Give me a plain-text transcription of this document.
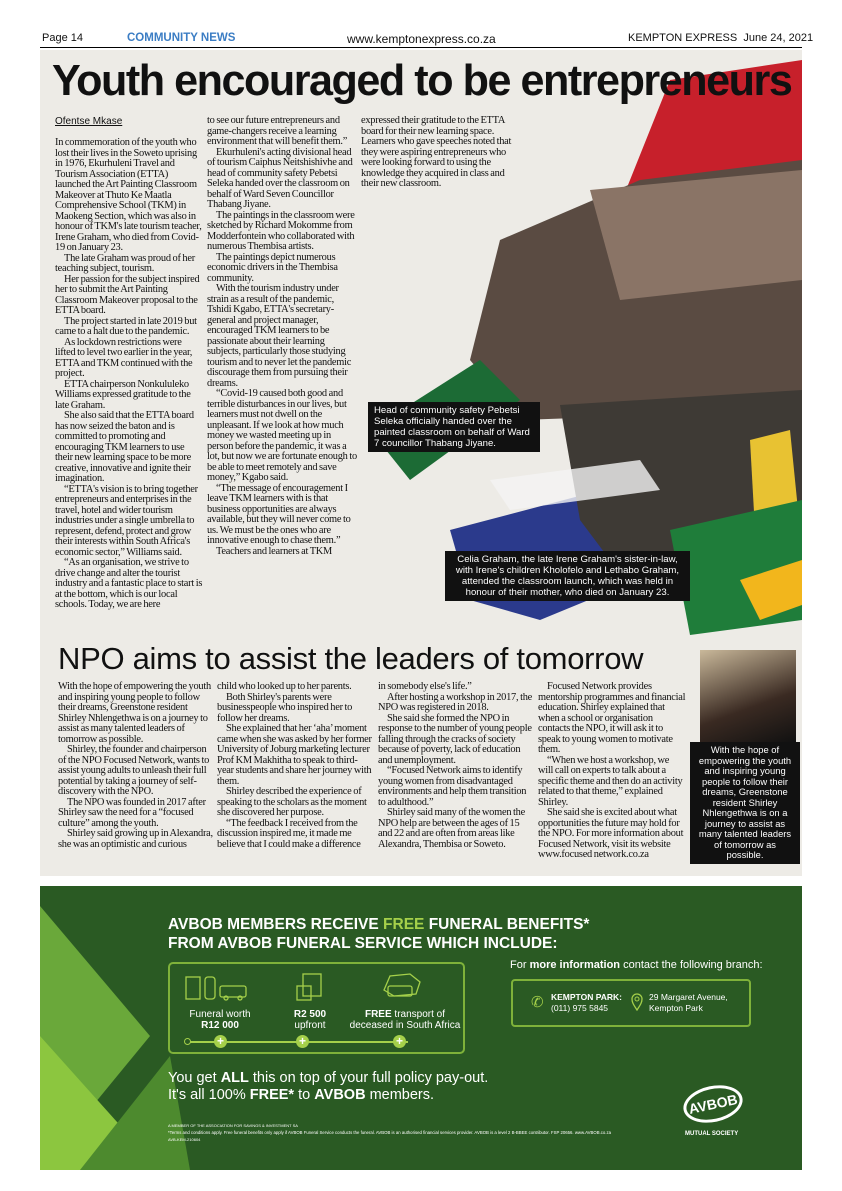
Page 14	COMMUNITY NEWS	www.kemptonexpress.co.za	KEMPTON EXPRESS June 24, 2021
Youth encouraged to be entrepreneurs
Ofentse Mkase

In commemoration of the youth who lost their lives in the Soweto uprising in 1976, Ekurhuleni Travel and Tourism Association (ETTA) launched the Art Painting Classroom Makeover at Thuto Ke Maatla Comprehensive School (TKM) in Maokeng Section, which was also in honour of TKM's late tourism teacher, Irene Graham, who died from Covid-19 on January 23.

The late Graham was proud of her teaching subject, tourism.

Her passion for the subject inspired her to submit the Art Painting Classroom Makeover proposal to the ETTA board.

The project started in late 2019 but came to a halt due to the pandemic.

As lockdown restrictions were lifted to level two earlier in the year, ETTA and TKM continued with the project.

ETTA chairperson Nonkululeko Williams expressed gratitude to the late Graham.

She also said that the ETTA board has now seized the baton and is committed to promoting and encouraging TKM learners to use their new learning space to be more creative, innovative and ignite their imagination.

“ETTA's vision is to bring together entrepreneurs and enterprises in the travel, hotel and wider tourism industries under a single umbrella to represent, defend, protect and grow their interests within South Africa's economic sector,” Williams said.

“As an organisation, we strive to drive change and alter the tourist industry and a fantastic place to start is at the bottom, which is our local schools. Today, we are here

to see our future entrepreneurs and game-changers receive a learning environment that will benefit them.”

Ekurhuleni's acting divisional head of tourism Caiphus Neitshishivhe and head of community safety Pebetsi Seleka handed over the classroom on behalf of Ward Seven Councillor Thabang Jiyane.

The paintings in the classroom were sketched by Richard Mokomme from Modderfontein who collaborated with numerous Thembisa artists.

The paintings depict numerous economic drivers in the Thembisa community.

With the tourism industry under strain as a result of the pandemic, Tshidi Kgabo, ETTA's secretary-general and project manager, encouraged TKM learners to be passionate about their learning subjects, particularly those studying tourism and to never let the pandemic discourage them from pursuing their dreams.

“Covid-19 caused both good and terrible disturbances in our lives, but learners must not dwell on the unpleasant. If we look at how much money we wasted meeting up in person before the pandemic, it was a lot, but now we are fortunate enough to be able to meet remotely and save money,” Kgabo said.

“The message of encouragement I leave TKM learners with is that business opportunities are always available, but they will never come to us. We must be the ones who are innovative enough to chase them.”

Teachers and learners at TKM

expressed their gratitude to the ETTA board for their new learning space. Learners who gave speeches noted that they were aspiring entrepreneurs who were looking forward to using the knowledge they acquired in class and their new classroom.

Head of community safety Pebetsi Seleka officially handed over the painted classroom on behalf of Ward 7 councillor Thabang Jiyane.
Celia Graham, the late Irene Graham's sister-in-law, with Irene's children Kholofelo and Lethabo Graham, attended the classroom launch, which was held in honour of their mother, who died on January 23.
NPO aims to assist the leaders of tomorrow

With the hope of empowering the youth and inspiring young people to follow their dreams, Greenstone resident Shirley Nhlengethwa is on a journey to assist as many talented leaders of tomorrow as possible.

Shirley, the founder and chairperson of the NPO Focused Network, wants to assist young adults to unleash their full potential by taking a journey of self-discovery with the NPO.

The NPO was founded in 2017 after Shirley saw the need for a “focused culture” among the youth.

Shirley said growing up in Alexandra, she was an optimistic and curious

child who looked up to her parents.

Both Shirley's parents were businesspeople who inspired her to follow her dreams.

She explained that her ‘aha’ moment came when she was asked by her former University of Joburg marketing lecturer Prof KM Makhitha to speak to third-year students and share her journey with them.

Shirley described the experience of speaking to the scholars as the moment she discovered her purpose.

“The feedback I received from the discussion inspired me, it made me believe that I could make a difference

in somebody else's life.”

After hosting a workshop in 2017, the NPO was registered in 2018.

She said she formed the NPO in response to the number of young people falling through the cracks of society because of poverty, lack of education and unemployment.

“Focused Network aims to identify young women from disadvantaged environments and help them transition to adulthood.”

Shirley said many of the women the NPO help are between the ages of 15 and 22 and are often from areas like Alexandra, Thembisa or Soweto.

Focused Network provides mentorship programmes and financial education. Shirley explained that when a school or organisation contacts the NPO, it will ask it to speak to young women to motivate them.

“When we host a workshop, we will call on experts to talk about a specific theme and then do an activity related to that theme,” explained Shirley.

She said she is excited about what opportunities the future may hold for the NPO. For more information about Focused Network, visit its website www.focused network.co.za

With the hope of empowering the youth and inspiring young people to follow their dreams, Greenstone resident Shirley Nhlengethwa is on a journey to assist as many talented leaders of tomorrow as possible.
AVBOB MEMBERS RECEIVE FREE FUNERAL BENEFITS*
FROM AVBOB FUNERAL SERVICE WHICH INCLUDE:
Funeral worth
R12 000
R2 500
upfront
FREE transport of
deceased in South Africa
+	+	+
For more information contact the following branch:
✆ KEMPTON PARK:
(011) 975 5845
29 Margaret Avenue,
Kempton Park
You get ALL this on top of your full policy pay-out.
It's all 100% FREE* to AVBOB members.
A MEMBER OF THE ASSOCIATION FOR SAVINGS & INVESTMENT SA
*Terms and conditions apply. Free funeral benefits only apply if AVBOB Funeral Service conducts the funeral. AVBOB is an authorised financial services provider. AVBOB is a level 2 B-BBEE contributor. FSP 20656. www.AVBOB.co.za
AVB-KEM-210604
AVBOB
MUTUAL SOCIETY
